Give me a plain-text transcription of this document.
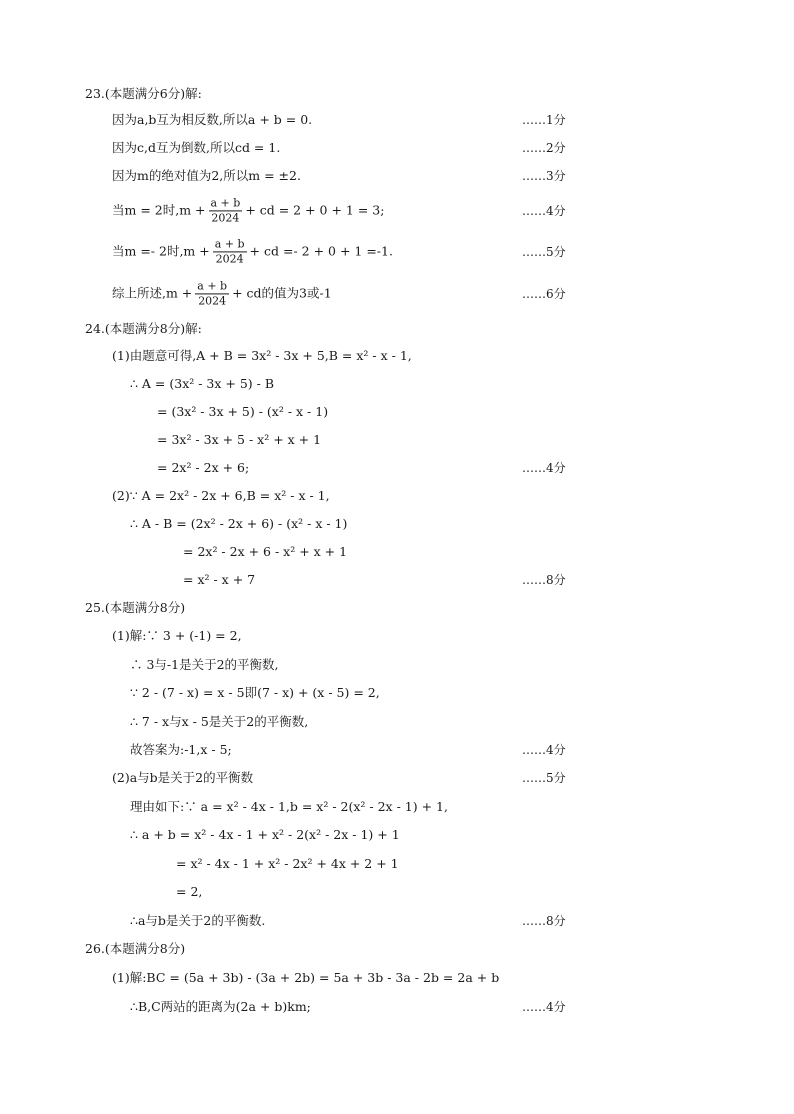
23.(本题满分6分)解:
因为a,b互为相反数,所以a + b = 0.	……1分
因为c,d互为倒数,所以cd = 1.	……2分
因为m的绝对值为2,所以m = ±2.	……3分
当m = 2时$,m + \frac{a + b}{2024}$ + cd = 2 + 0 + 1 = 3;	……4分
当m =- 2时$,m + \frac{a + b}{2024}$ + cd =- 2 + 0 + 1 =-1.	……5分
综上所述$,m + \frac{a + b}{2024}$ + cd的值为3或-1	……6分
24.(本题满分8分)解:
(1)由题意可得,A + B = 3x² - 3x + 5,B = x² - x - 1,
∴ A = (3x² - 3x + 5) - B
= (3x² - 3x + 5) - (x² - x - 1)
= 3x² - 3x + 5 - x² + x + 1
= 2x² - 2x + 6;	……4分
(2)∵ A = 2x² - 2x + 6,B = x² - x - 1,
∴ A - B = (2x² - 2x + 6) - (x² - x - 1)
= 2x² - 2x + 6 - x² + x + 1
= x² - x + 7	……8分
25.(本题满分8分)
(1)解:∵ 3 + (-1) = 2,
∴ 3与-1是关于2的平衡数,
∵ 2 - (7 - x) = x - 5即(7 - x) + (x - 5) = 2,
∴ 7 - x与x - 5是关于2的平衡数,
故答案为:-1,x - 5;	……4分
(2)a与b是关于2的平衡数	……5分
理由如下:∵ a = x² - 4x - 1,b = x² - 2(x² - 2x - 1) + 1,
∴ a + b = x² - 4x - 1 + x² - 2(x² - 2x - 1) + 1
= x² - 4x - 1 + x² - 2x² + 4x + 2 + 1
= 2,
∴a与b是关于2的平衡数.	……8分
26.(本题满分8分)
(1)解:BC = (5a + 3b) - (3a + 2b) = 5a + 3b - 3a - 2b = 2a + b
∴B,C两站的距离为(2a + b)km;	……4分
